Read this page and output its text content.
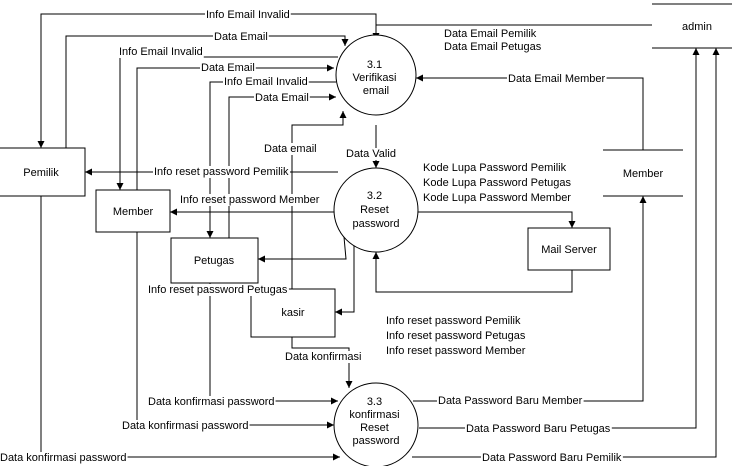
admin
Member
Pemilik
Member
Petugas
kasir
Mail Server
3.1 Verifikasi email
3.2 Reset password
3.3 konfirmasi Reset password
Info Email Invalid
Data Email
Info Email Invalid
Data Email
Info Email Invalid
Data Email
Data Email Member
Data email	Data Valid
Info reset password Pemilik
Info reset password Member
Info reset password Petugas
Data konfirmasi
Data konfirmasi password
Data konfirmasi password
Data konfirmasi password
Data Password Baru Member
Data Password Baru Petugas
Data Password Baru Pemilik
Data Email Pemilik Data Email Petugas
Kode Lupa Password Pemilik Kode Lupa Password Petugas Kode Lupa Password Member
Info reset password Pemilik Info reset password Petugas Info reset password Member
